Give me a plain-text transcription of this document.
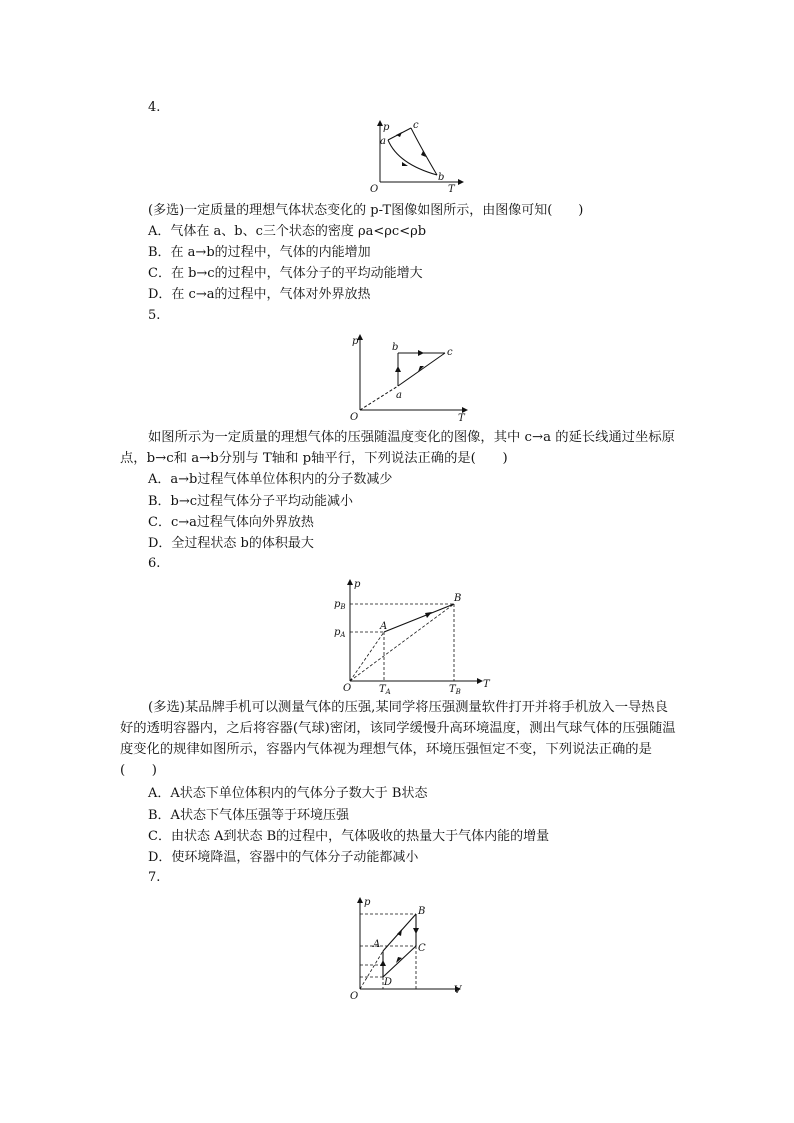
4.
p
T
O
a
b
c
(多选)一定质量的理想气体状态变化的 p-T图像如图所示，由图像可知(　　)
A．气体在 a、b、c三个状态的密度 ρa<ρc<ρb
B．在 a→b的过程中，气体的内能增加
C．在 b→c的过程中，气体分子的平均动能增大
D．在 c→a的过程中，气体对外界放热
5.
p
T
O
b	c
a
如图所示为一定质量的理想气体的压强随温度变化的图像，其中 c→a 的延长线通过坐标原点，b→c和 a→b分别与 T轴和 p轴平行，下列说法正确的是(　　)
A．a→b过程气体单位体积内的分子数减少
B．b→c过程气体分子平均动能减小
C．c→a过程气体向外界放热
D．全过程状态 b的体积最大
6.
p
T
O
$p_B$
$p_A$
$T_A$	$T_B$
A
B
(多选)某品牌手机可以测量气体的压强,某同学将压强测量软件打开并将手机放入一导热良好的透明容器内，之后将容器(气球)密闭，该同学缓慢升高环境温度，测出气球气体的压强随温度变化的规律如图所示，容器内气体视为理想气体，环境压强恒定不变，下列说法正确的是(　　)
A．A状态下单位体积内的气体分子数大于 B状态
B．A状态下气体压强等于环境压强
C．由状态 A到状态 B的过程中，气体吸收的热量大于气体内能的增量
D．使环境降温，容器中的气体分子动能都减小
7.
p
V
O
A
B
C
D
